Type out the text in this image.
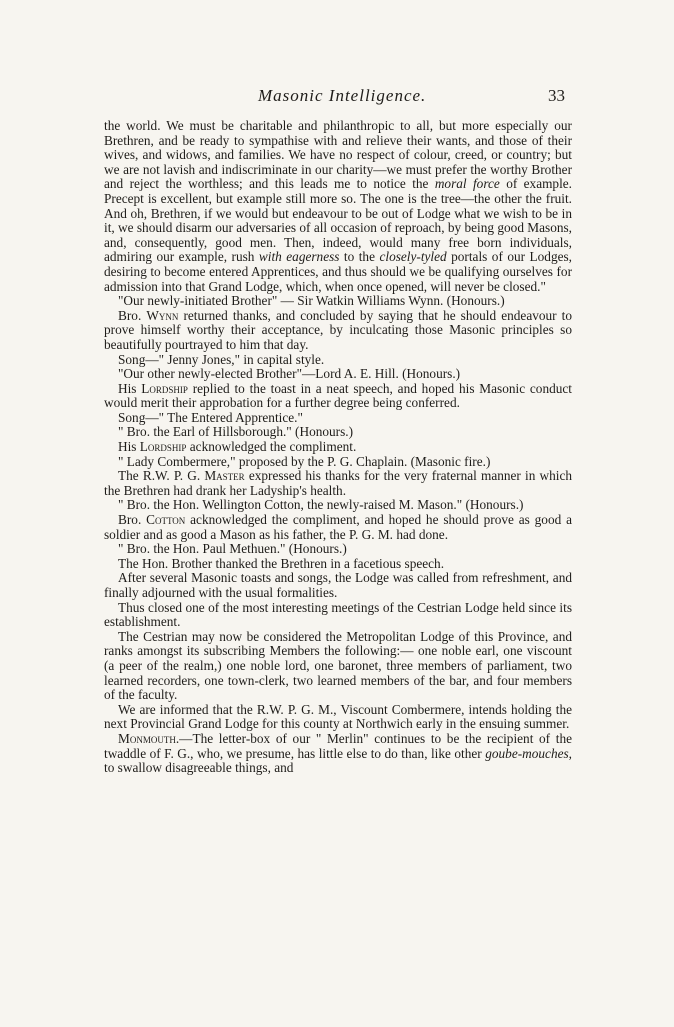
Masonic Intelligence.	33

the world. We must be charitable and philanthropic to all, but more especially our Brethren, and be ready to sympathise with and relieve their wants, and those of their wives, and widows, and families. We have no respect of colour, creed, or country; but we are not lavish and indiscriminate in our charity—we must prefer the worthy Brother and reject the worthless; and this leads me to notice the moral force of example. Precept is excellent, but example still more so. The one is the tree—the other the fruit. And oh, Brethren, if we would but endeavour to be out of Lodge what we wish to be in it, we should disarm our adversaries of all occasion of reproach, by being good Masons, and, consequently, good men. Then, indeed, would many free born individuals, admiring our example, rush with eagerness to the closely-tyled portals of our Lodges, desiring to become entered Apprentices, and thus should we be qualifying ourselves for admission into that Grand Lodge, which, when once opened, will never be closed."

"Our newly-initiated Brother" — Sir Watkin Williams Wynn. (Honours.)

Bro. Wynn returned thanks, and concluded by saying that he should endeavour to prove himself worthy their acceptance, by inculcating those Masonic principles so beautifully pourtrayed to him that day.

Song—" Jenny Jones," in capital style.

"Our other newly-elected Brother"—Lord A. E. Hill. (Honours.)

His Lordship replied to the toast in a neat speech, and hoped his Masonic conduct would merit their approbation for a further degree being conferred.

Song—" The Entered Apprentice."

" Bro. the Earl of Hillsborough." (Honours.)

His Lordship acknowledged the compliment.

" Lady Combermere," proposed by the P. G. Chaplain. (Masonic fire.)

The R.W. P. G. Master expressed his thanks for the very fraternal manner in which the Brethren had drank her Ladyship's health.

" Bro. the Hon. Wellington Cotton, the newly-raised M. Mason." (Honours.)

Bro. Cotton acknowledged the compliment, and hoped he should prove as good a soldier and as good a Mason as his father, the P. G. M. had done.

" Bro. the Hon. Paul Methuen." (Honours.)

The Hon. Brother thanked the Brethren in a facetious speech.

After several Masonic toasts and songs, the Lodge was called from refreshment, and finally adjourned with the usual formalities.

Thus closed one of the most interesting meetings of the Cestrian Lodge held since its establishment.

The Cestrian may now be considered the Metropolitan Lodge of this Province, and ranks amongst its subscribing Members the following:— one noble earl, one viscount (a peer of the realm,) one noble lord, one baronet, three members of parliament, two learned recorders, one town-clerk, two learned members of the bar, and four members of the faculty.

We are informed that the R.W. P. G. M., Viscount Combermere, intends holding the next Provincial Grand Lodge for this county at Northwich early in the ensuing summer.

Monmouth.—The letter-box of our " Merlin" continues to be the recipient of the twaddle of F. G., who, we presume, has little else to do than, like other goube-mouches, to swallow disagreeable things, and
